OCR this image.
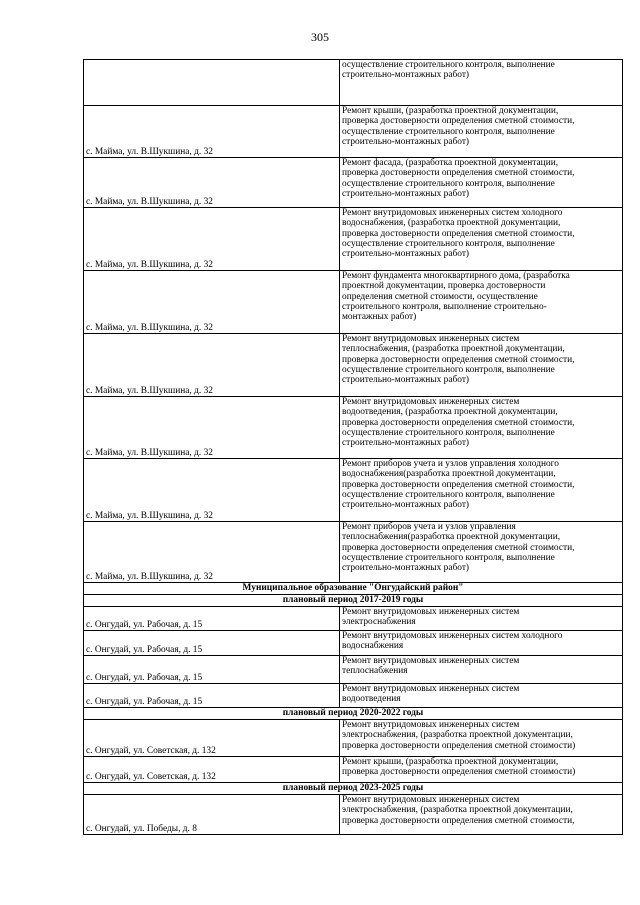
305

	осуществление строительного контроля, выполнение
строительно-монтажных работ)

с. Майма, ул. В.Шукшина, д. 32	Ремонт крыши, (разработка проектной документации,
проверка достоверности определения сметной стоимости,
осуществление строительного контроля, выполнение
строительно-монтажных работ)

с. Майма, ул. В.Шукшина, д. 32	Ремонт фасада, (разработка проектной документации,
проверка достоверности определения сметной стоимости,
осуществление строительного контроля, выполнение
строительно-монтажных работ)

с. Майма, ул. В.Шукшина, д. 32	Ремонт внутридомовых инженерных систем холодного
водоснабжения, (разработка проектной документации,
проверка достоверности определения сметной стоимости,
осуществление строительного контроля, выполнение
строительно-монтажных работ)

с. Майма, ул. В.Шукшина, д. 32	Ремонт фундамента многоквартирного дома, (разработка
проектной документации, проверка достоверности
определения сметной стоимости, осуществление
строительного контроля, выполнение строительно-
монтажных работ)

с. Майма, ул. В.Шукшина, д. 32	Ремонт внутридомовых инженерных систем
теплоснабжения, (разработка проектной документации,
проверка достоверности определения сметной стоимости,
осуществление строительного контроля, выполнение
строительно-монтажных работ)

с. Майма, ул. В.Шукшина, д. 32	Ремонт внутридомовых инженерных систем
водоотведения, (разработка проектной документации,
проверка достоверности определения сметной стоимости,
осуществление строительного контроля, выполнение
строительно-монтажных работ)

с. Майма, ул. В.Шукшина, д. 32	Ремонт приборов учета и узлов управления холодного
водоснабжения(разработка проектной документации,
проверка достоверности определения сметной стоимости,
осуществление строительного контроля, выполнение
строительно-монтажных работ)

с. Майма, ул. В.Шукшина, д. 32	Ремонт приборов учета и узлов управления
теплоснабжения(разработка проектной документации,
проверка достоверности определения сметной стоимости,
осуществление строительного контроля, выполнение
строительно-монтажных работ)

Муниципальное образование "Онгудайский район"	
плановый период 2017-2019 годы	
с. Онгудай, ул. Рабочая, д. 15	Ремонт внутридомовых инженерных систем
электроснабжения

с. Онгудай, ул. Рабочая, д. 15	Ремонт внутридомовых инженерных систем холодного
водоснабжения

с. Онгудай, ул. Рабочая, д. 15	Ремонт внутридомовых инженерных систем
теплоснабжения

с. Онгудай, ул. Рабочая, д. 15	Ремонт внутридомовых инженерных систем
водоотведения

плановый период 2020-2022 годы	
с. Онгудай, ул. Советская, д. 132	Ремонт внутридомовых инженерных систем
электроснабжения, (разработка проектной документации,
проверка достоверности определения сметной стоимости)

с. Онгудай, ул. Советская, д. 132	Ремонт крыши, (разработка проектной документации,
проверка достоверности определения сметной стоимости)

плановый период 2023-2025 годы	
с. Онгудай, ул. Победы, д. 8	Ремонт внутридомовых инженерных систем
электроснабжения, (разработка проектной документации,
проверка достоверности определения сметной стоимости,
